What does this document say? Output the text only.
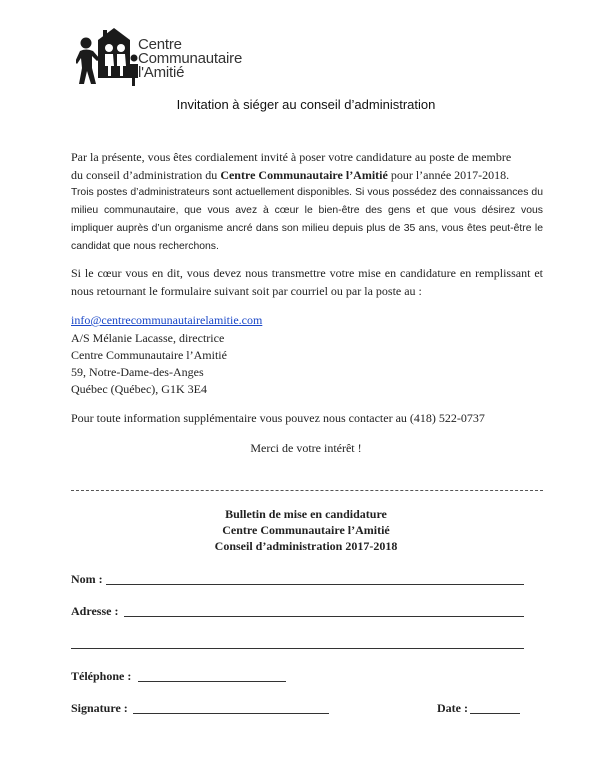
Centre
Communautaire
l'Amitié
Invitation à siéger au conseil d’administration
Par la présente, vous êtes cordialement invité à poser votre candidature au poste de membre
du conseil d’administration du Centre Communautaire l’Amitié pour l’année 2017-2018.
Trois postes d’administrateurs sont actuellement disponibles. Si vous possédez des connaissances du milieu communautaire, que vous avez à cœur le bien-être des gens et que vous désirez vous impliquer auprès d’un organisme ancré dans son milieu depuis plus de 35 ans, vous êtes peut-être le candidat que nous recherchons.
Si le cœur vous en dit, vous devez nous transmettre votre mise en candidature en remplissant et nous retournant le formulaire suivant soit par courriel ou par la poste au :
info@centrecommunautairelamitie.com
A/S Mélanie Lacasse, directrice
Centre Communautaire l’Amitié
59, Notre-Dame-des-Anges
Québec (Québec), G1K 3E4
Pour toute information supplémentaire vous pouvez nous contacter au (418) 522-0737
Merci de votre intérêt !
Bulletin de mise en candidature
Centre Communautaire l’Amitié
Conseil d’administration 2017-2018
Nom :
Adresse :
Téléphone :
Signature :	Date :
